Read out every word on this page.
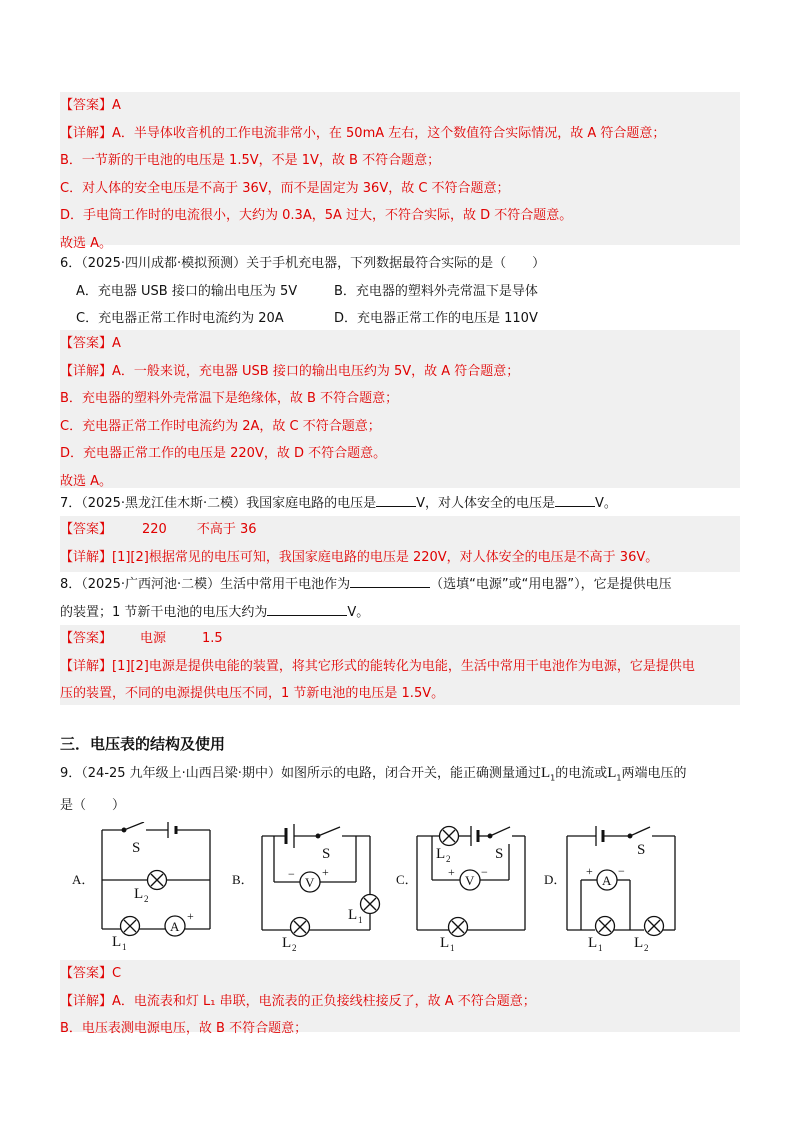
【答案】A
【详解】A．半导体收音机的工作电流非常小，在 50mA 左右，这个数值符合实际情况，故 A 符合题意；
B．一节新的干电池的电压是 1.5V，不是 1V，故 B 不符合题意；
C．对人体的安全电压是不高于 36V，而不是固定为 36V，故 C 不符合题意；
D．手电筒工作时的电流很小，大约为 0.3A，5A 过大，不符合实际，故 D 不符合题意。
故选 A。
6．（2025·四川成都·模拟预测）关于手机充电器，下列数据最符合实际的是（　　）
A．充电器 USB 接口的输出电压为 5V	B．充电器的塑料外壳常温下是导体
C．充电器正常工作时电流约为 20A	D．充电器正常工作的电压是 110V
【答案】A
【详解】A．一般来说，充电器 USB 接口的输出电压约为 5V，故 A 符合题意；
B．充电器的塑料外壳常温下是绝缘体，故 B 不符合题意；
C．充电器正常工作时电流约为 2A，故 C 不符合题意；
D．充电器正常工作的电压是 220V，故 D 不符合题意。
故选 A。
7．（2025·黑龙江佳木斯·二模）我国家庭电路的电压是	V，对人体安全的电压是	V。
【答案】 220 不高于 36
【详解】[1][2]根据常见的电压可知，我国家庭电路的电压是 220V，对人体安全的电压是不高于 36V。
8．（2025·广西河池·二模）生活中常用干电池作为	（选填“电源”或“用电器”），它是提供电压
的装置；1 节新干电池的电压大约为	V。
【答案】 电源	1.5
【详解】[1][2]电源是提供电能的装置，将其它形式的能转化为电能，生活中常用干电池作为电源，它是提供电
压的装置，不同的电源提供电压不同，1 节新电池的电压是 1.5V。
三．电压表的结构及使用
9．（24-25 九年级上·山西吕梁·期中）如图所示的电路，闭合开关，能正确测量通过$L_1$的电流或$L_1$两端电压的
是（　　）
A．
S
L 2
L 1
A
+
B．
S
V
+
−
L 1
L 2
C．
L 2	S
V
+ −
L 1
D．
S
A
+ −
L 1 L 2
【答案】C
【详解】A．电流表和灯 L₁ 串联，电流表的正负接线柱接反了，故 A 不符合题意；
B．电压表测电源电压，故 B 不符合题意；
